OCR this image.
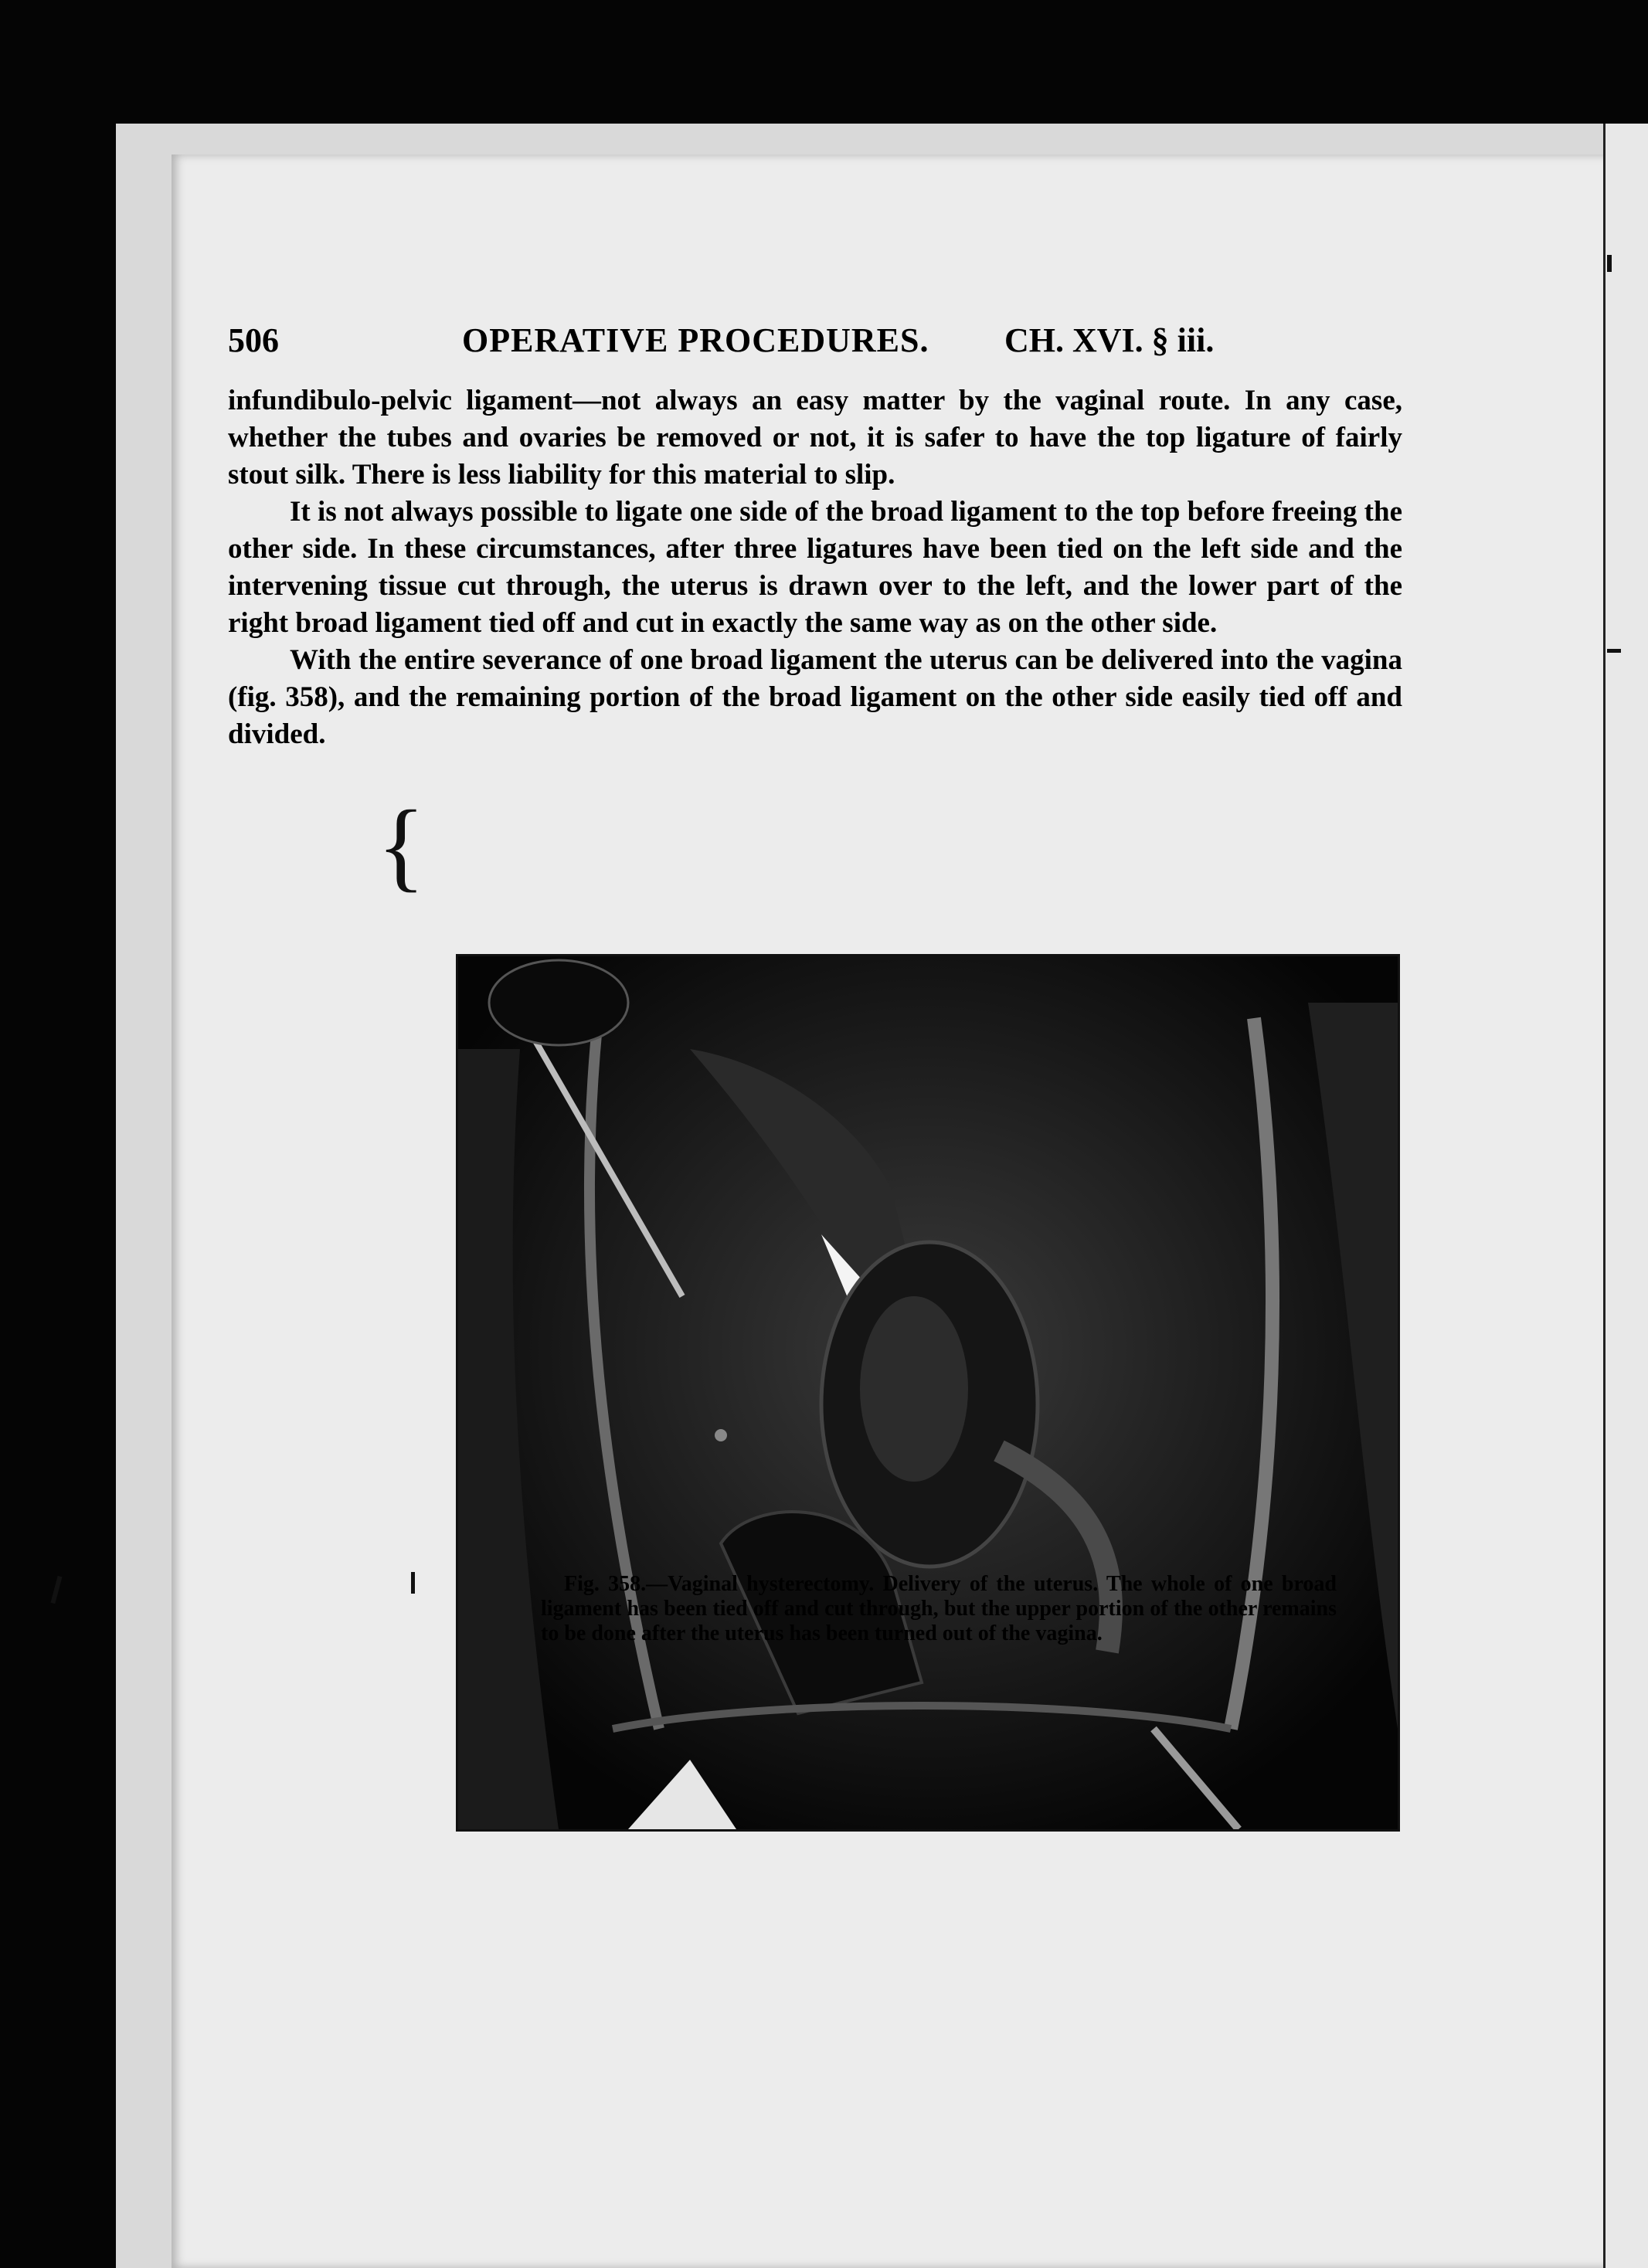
506	OPERATIVE PROCEDURES. CH. XVI. § iii.

infundibulo-pelvic ligament—not always an easy matter by the vaginal route. In any case, whether the tubes and ovaries be removed or not, it is safer to have the top ligature of fairly stout silk. There is less liability for this material to slip.

It is not always possible to ligate one side of the broad ligament to the top before freeing the other side. In these circumstances, after three ligatures have been tied on the left side and the intervening tissue cut through, the uterus is drawn over to the left, and the lower part of the right broad ligament tied off and cut in exactly the same way as on the other side.

With the entire severance of one broad ligament the uterus can be delivered into the vagina (fig. 358), and the remaining portion of the broad ligament on the other side easily tied off and divided.

{

Fig. 358.—Vaginal hysterectomy. Delivery of the uterus. The whole of one broad ligament has been tied off and cut through, but the upper portion of the other remains to be done after the uterus has been turned out of the vagina.
